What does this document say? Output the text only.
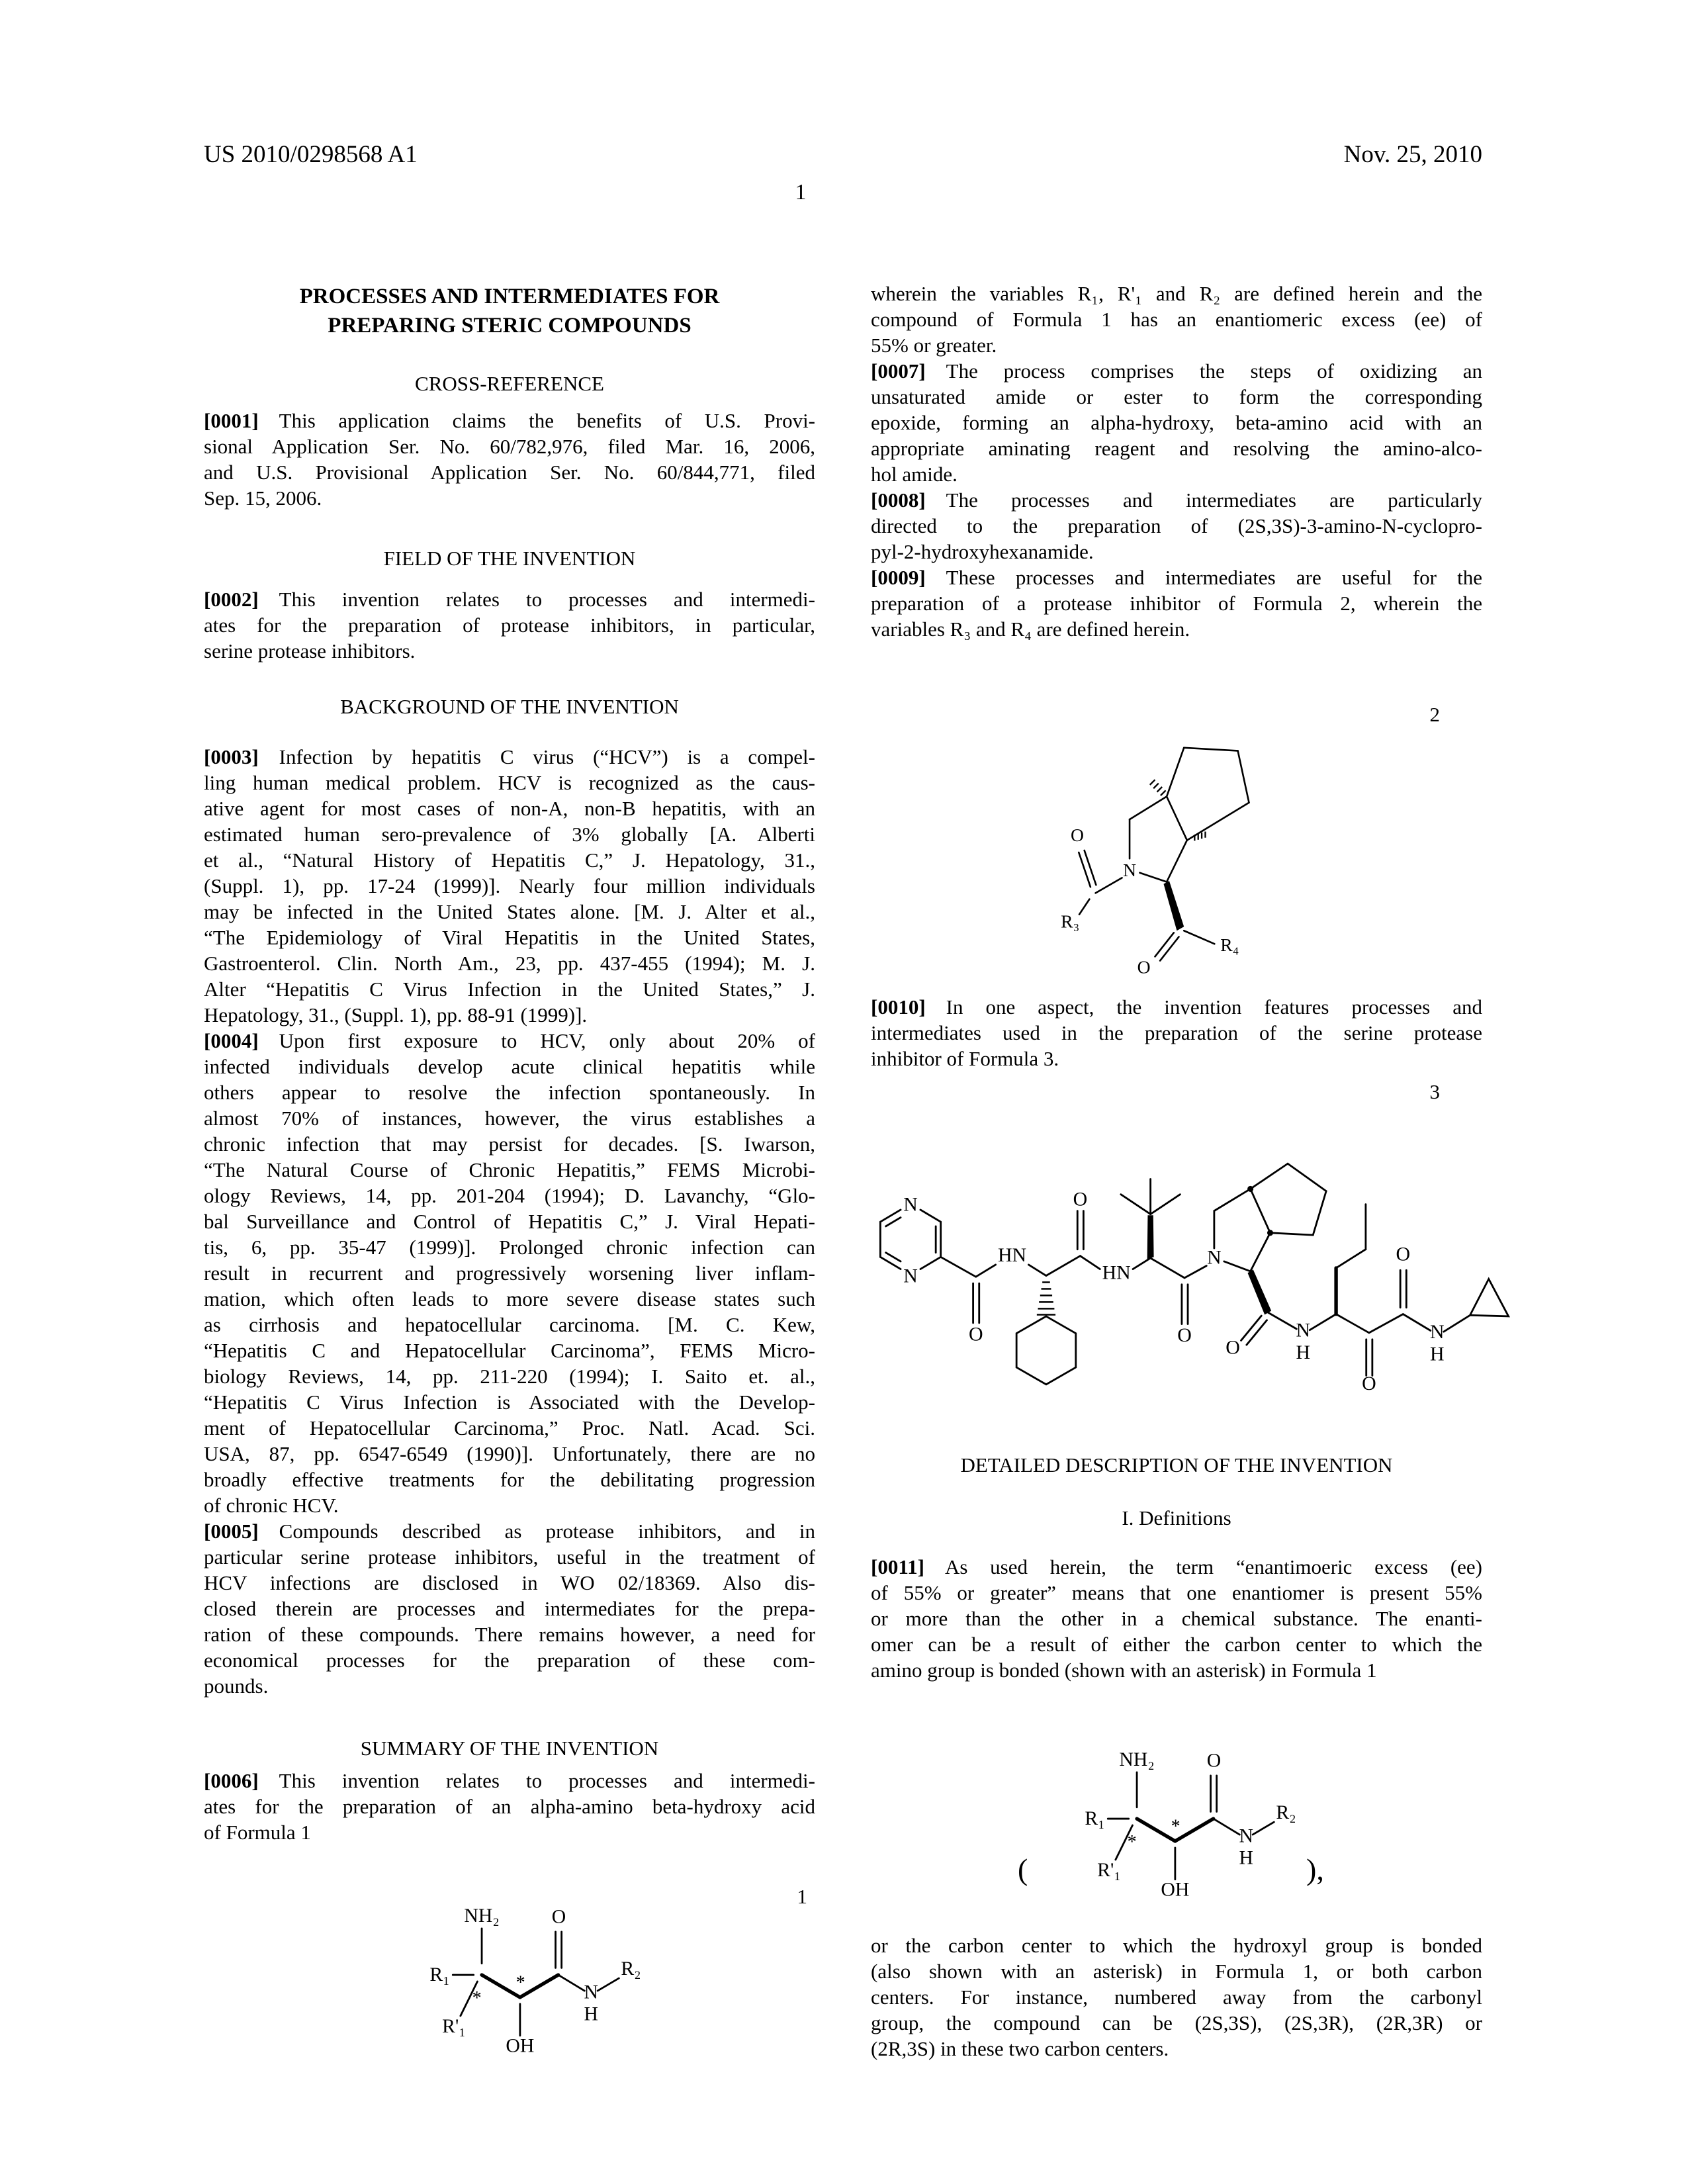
US 2010/0298568 A1	Nov. 25, 2010
1
PROCESSES AND INTERMEDIATES FOR
PREPARING STERIC COMPOUNDS
CROSS-REFERENCE
[0001]  This application claims the benefits of U.S. Provi-
sional Application Ser. No. 60/782,976, filed Mar. 16, 2006,
and U.S. Provisional Application Ser. No. 60/844,771, filed
Sep. 15, 2006.
FIELD OF THE INVENTION
[0002]  This invention relates to processes and intermedi-
ates for the preparation of protease inhibitors, in particular,
serine protease inhibitors.
BACKGROUND OF THE INVENTION
[0003]  Infection by hepatitis C virus (“HCV”) is a compel-
ling human medical problem. HCV is recognized as the caus-
ative agent for most cases of non-A, non-B hepatitis, with an
estimated human sero-prevalence of 3% globally [A. Alberti
et al., “Natural History of Hepatitis C,” J. Hepatology, 31.,
(Suppl. 1), pp. 17-24 (1999)]. Nearly four million individuals
may be infected in the United States alone. [M. J. Alter et al.,
“The Epidemiology of Viral Hepatitis in the United States,
Gastroenterol. Clin. North Am., 23, pp. 437-455 (1994); M. J.
Alter “Hepatitis C Virus Infection in the United States,” J.
Hepatology, 31., (Suppl. 1), pp. 88-91 (1999)].
[0004]  Upon first exposure to HCV, only about 20% of
infected individuals develop acute clinical hepatitis while
others appear to resolve the infection spontaneously. In
almost 70% of instances, however, the virus establishes a
chronic infection that may persist for decades. [S. Iwarson,
“The Natural Course of Chronic Hepatitis,” FEMS Microbi-
ology Reviews, 14, pp. 201-204 (1994); D. Lavanchy, “Glo-
bal Surveillance and Control of Hepatitis C,” J. Viral Hepati-
tis, 6, pp. 35-47 (1999)]. Prolonged chronic infection can
result in recurrent and progressively worsening liver inflam-
mation, which often leads to more severe disease states such
as cirrhosis and hepatocellular carcinoma. [M. C. Kew,
“Hepatitis C and Hepatocellular Carcinoma”, FEMS Micro-
biology Reviews, 14, pp. 211-220 (1994); I. Saito et. al.,
“Hepatitis C Virus Infection is Associated with the Develop-
ment of Hepatocellular Carcinoma,” Proc. Natl. Acad. Sci.
USA, 87, pp. 6547-6549 (1990)]. Unfortunately, there are no
broadly effective treatments for the debilitating progression
of chronic HCV.
[0005]  Compounds described as protease inhibitors, and in
particular serine protease inhibitors, useful in the treatment of
HCV infections are disclosed in WO 02/18369. Also dis-
closed therein are processes and intermediates for the prepa-
ration of these compounds. There remains however, a need for
economical processes for the preparation of these com-
pounds.
SUMMARY OF THE INVENTION
[0006]  This invention relates to processes and intermedi-
ates for the preparation of an alpha-amino beta-hydroxy acid
of Formula 1
1
NH₂ O
R₁
R'₁
OH
N
H
R₂
*
*
wherein the variables R₁, R'₁ and R₂ are defined herein and the
compound of Formula 1 has an enantiomeric excess (ee) of
55% or greater.
[0007]  The process comprises the steps of oxidizing an
unsaturated amide or ester to form the corresponding
epoxide, forming an alpha-hydroxy, beta-amino acid with an
appropriate aminating reagent and resolving the amino-alco-
hol amide.
[0008]  The processes and intermediates are particularly
directed to the preparation of (2S,3S)-3-amino-N-cyclopro-
pyl-2-hydroxyhexanamide.
[0009]  These processes and intermediates are useful for the
preparation of a protease inhibitor of Formula 2, wherein the
variables R₃ and R₄ are defined herein.
2
N
O
R₃
O
R₄
[0010]  In one aspect, the invention features processes and
intermediates used in the preparation of the serine protease
inhibitor of Formula 3.
3
N
N
O
HN
O
HN
O
N
O
N
H
O
O
N
H
DETAILED DESCRIPTION OF THE INVENTION
I. Definitions
[0011]  As used herein, the term “enantimoeric excess (ee)
of 55% or greater” means that one enantiomer is present 55%
or more than the other in a chemical substance. The enanti-
omer can be a result of either the carbon center to which the
amino group is bonded (shown with an asterisk) in Formula 1
(	),
NH₂ O
R₁
R'₁
OH
N
H
R₂
*
*
or the carbon center to which the hydroxyl group is bonded
(also shown with an asterisk) in Formula 1, or both carbon
centers. For instance, numbered away from the carbonyl
group, the compound can be (2S,3S), (2S,3R), (2R,3R) or
(2R,3S) in these two carbon centers.
